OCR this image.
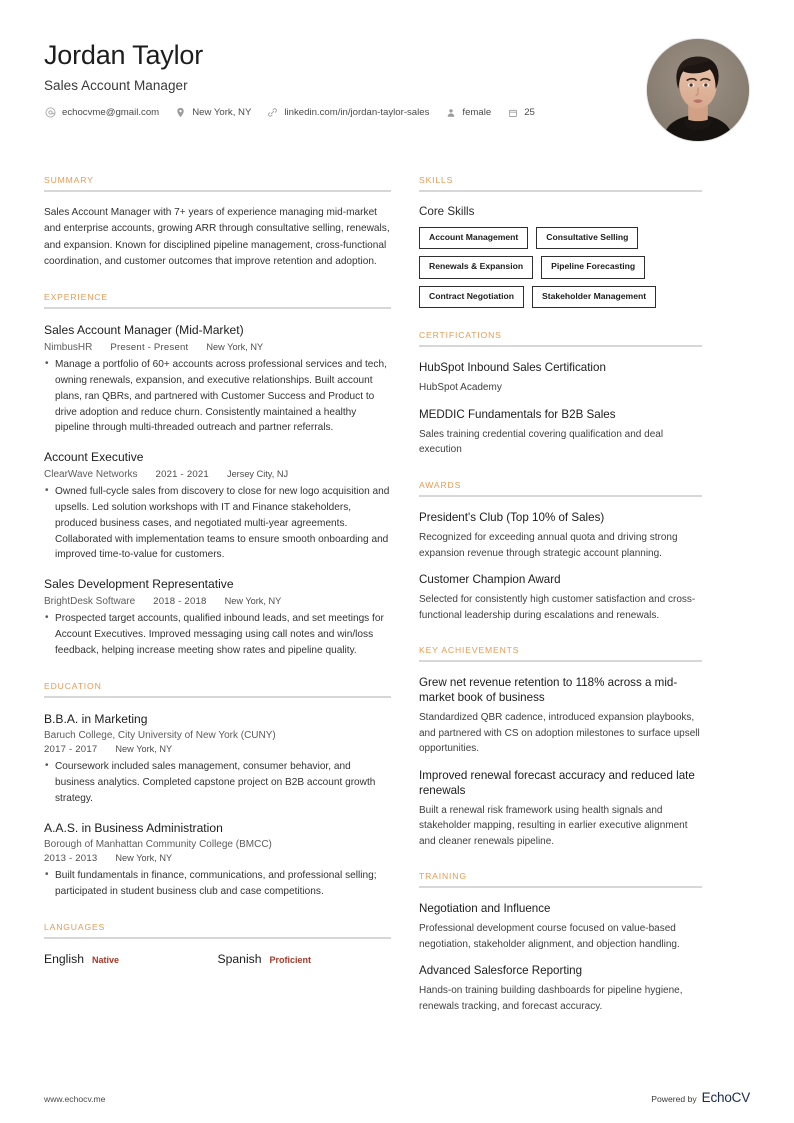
Jordan Taylor
Sales Account Manager
echocvme@gmail.com	New York, NY	linkedin.com/in/jordan-taylor-sales	female	25
SUMMARY
Sales Account Manager with 7+ years of experience managing mid-market and enterprise accounts, growing ARR through consultative selling, renewals, and expansion. Known for disciplined pipeline management, cross-functional coordination, and customer outcomes that improve retention and adoption.
EXPERIENCE
Sales Account Manager (Mid-Market)
NimbusHR Present - Present New York, NY
• Manage a portfolio of 60+ accounts across professional services and tech, owning renewals, expansion, and executive relationships. Built account plans, ran QBRs, and partnered with Customer Success and Product to drive adoption and reduce churn. Consistently maintained a healthy pipeline through multi-threaded outreach and partner referrals.
Account Executive
ClearWave Networks 2021 - 2021 Jersey City, NJ
• Owned full-cycle sales from discovery to close for new logo acquisition and upsells. Led solution workshops with IT and Finance stakeholders, produced business cases, and negotiated multi-year agreements. Collaborated with implementation teams to ensure smooth onboarding and improved time-to-value for customers.
Sales Development Representative
BrightDesk Software 2018 - 2018 New York, NY
• Prospected target accounts, qualified inbound leads, and set meetings for Account Executives. Improved messaging using call notes and win/loss feedback, helping increase meeting show rates and pipeline quality.
EDUCATION
B.B.A. in Marketing
Baruch College, City University of New York (CUNY)
2017 - 2017 New York, NY
• Coursework included sales management, consumer behavior, and business analytics. Completed capstone project on B2B account growth strategy.
A.A.S. in Business Administration
Borough of Manhattan Community College (BMCC)
2013 - 2013 New York, NY
• Built fundamentals in finance, communications, and professional selling; participated in student business club and case competitions.
LANGUAGES
English Native	Spanish Proficient
SKILLS
Core Skills
Account Management	Consultative Selling
Renewals & Expansion	Pipeline Forecasting
Contract Negotiation	Stakeholder Management
CERTIFICATIONS
HubSpot Inbound Sales Certification
HubSpot Academy
MEDDIC Fundamentals for B2B Sales
Sales training credential covering qualification and deal execution
AWARDS
President's Club (Top 10% of Sales)
Recognized for exceeding annual quota and driving strong expansion revenue through strategic account planning.
Customer Champion Award
Selected for consistently high customer satisfaction and cross-functional leadership during escalations and renewals.
KEY ACHIEVEMENTS
Grew net revenue retention to 118% across a mid-market book of business
Standardized QBR cadence, introduced expansion playbooks, and partnered with CS on adoption milestones to surface upsell opportunities.
Improved renewal forecast accuracy and reduced late renewals
Built a renewal risk framework using health signals and stakeholder mapping, resulting in earlier executive alignment and cleaner renewals pipeline.
TRAINING
Negotiation and Influence
Professional development course focused on value-based negotiation, stakeholder alignment, and objection handling.
Advanced Salesforce Reporting
Hands-on training building dashboards for pipeline hygiene, renewals tracking, and forecast accuracy.
www.echocv.me	Powered by EchoCV
